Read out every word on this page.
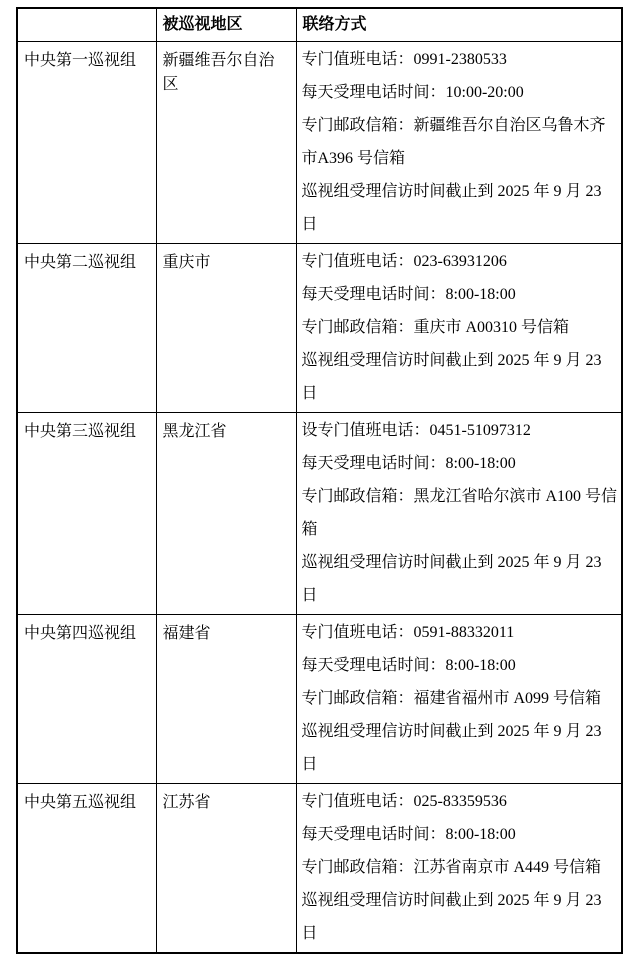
	被巡视地区	联络方式
中央第一巡视组	新疆维吾尔自治区	专门值班电话：0991-2380533

每天受理电话时间：10:00-20:00

专门邮政信箱：新疆维吾尔自治区乌鲁木齐市A396 号信箱

巡视组受理信访时间截止到 2025 年 9 月 23 日

中央第二巡视组	重庆市	专门值班电话：023-63931206

每天受理电话时间：8:00-18:00

专门邮政信箱：重庆市 A00310 号信箱

巡视组受理信访时间截止到 2025 年 9 月 23 日

中央第三巡视组	黑龙江省	设专门值班电话：0451-51097312

每天受理电话时间：8:00-18:00

专门邮政信箱：黑龙江省哈尔滨市 A100 号信箱

巡视组受理信访时间截止到 2025 年 9 月 23 日

中央第四巡视组	福建省	专门值班电话：0591-88332011

每天受理电话时间：8:00-18:00

专门邮政信箱：福建省福州市 A099 号信箱

巡视组受理信访时间截止到 2025 年 9 月 23 日

中央第五巡视组	江苏省	专门值班电话：025-83359536

每天受理电话时间：8:00-18:00

专门邮政信箱：江苏省南京市 A449 号信箱

巡视组受理信访时间截止到 2025 年 9 月 23 日
